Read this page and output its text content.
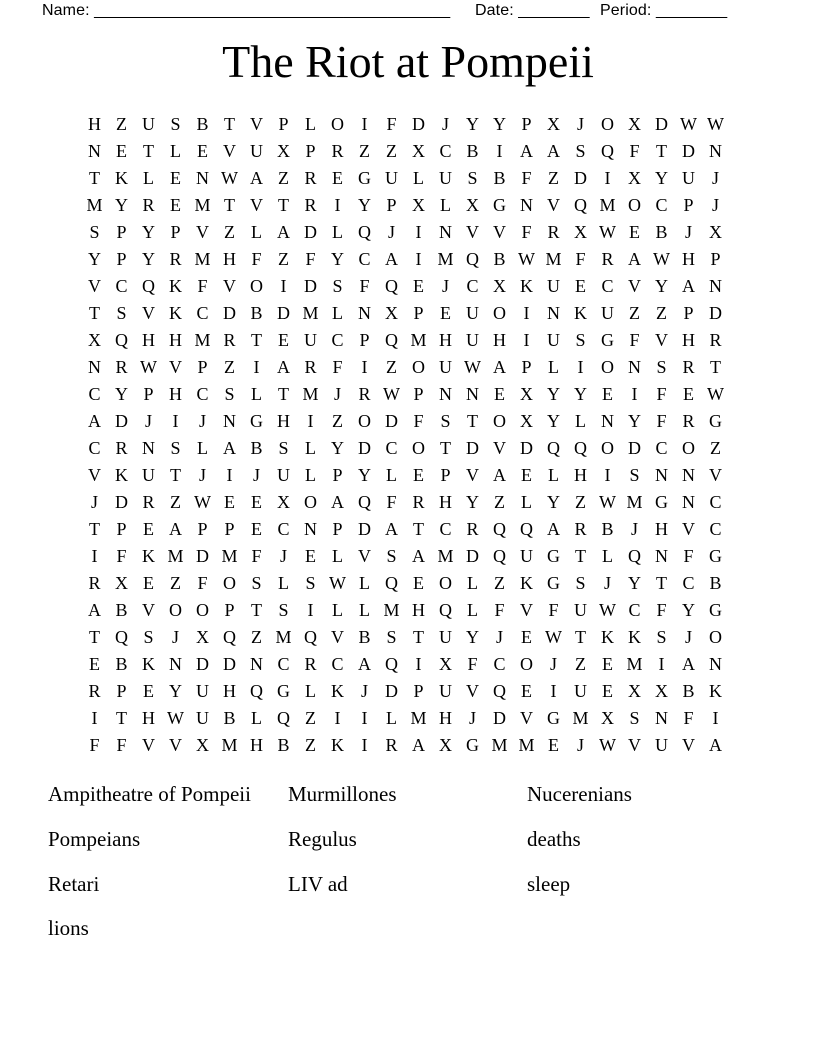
Name: ________________________________________ Date: ________ Period: ________
The Riot at Pompeii
H Z U S B T V P L O I	F D J Y Y P X J O X D W W
N E T L E V U X P R Z Z X C B	I A A S Q F T D N
T K L E N W A Z R E G U L U S B F Z D I X Y U J
M Y R E M T V T R	I Y P X L X G N V Q M O C P	J
S P Y P V Z L A D L Q J	I N V V F R X W E B J X
Y P Y R M H F Z F Y C A I M Q B W M F R A W H P
V C Q K F V O I D S F Q E J C X K U E C V Y A N
T S V K C D B D M L N X P E U O I N K U Z Z P D
X Q H H M R T E U C P Q M H U H I U S G F V H R
N R W V P Z	I A R F	I	Z O U W A P L	I O N S R T
C Y P H C S L T M J R W P N N E X Y Y E	I	F E W
A D J	I	J N G H I	Z O D F S T O X Y L N Y F R G
C R N S L A B S L Y D C O T D V D Q Q O D C O Z
V K U T J	I	J U L P Y L E P V A E L H I	S N N V
J D R Z W E E X O A Q F R H Y Z L Y Z W M G N C
T P E A P P E C N P D A T C R Q Q A R B J H V C
I	F K M D M F	J	E L V S A M D Q U G T L Q N F G
R X E Z F O S L S W L Q E O L Z K G S	J Y T C B
A B V O O P T S	I	L L M H Q L F V F U W C F Y G
T Q S	J X Q Z M Q V B S T U Y J	E W T K K S	J O
E B K N D D N C R C A Q I X F C O J	Z E M I A N
R P E Y U H Q G L K J D P U V Q E	I U E X X B K
I	T H W U B L Q Z	I	I	L M H J D V G M X S N F	I
F F V V X M H B Z K I R A X G M M E J W V U V A
Ampitheatre of Pompeii
Pompeians
Retari
lions
Murmillones
Regulus
LIV ad
Nucerenians
deaths
sleep
